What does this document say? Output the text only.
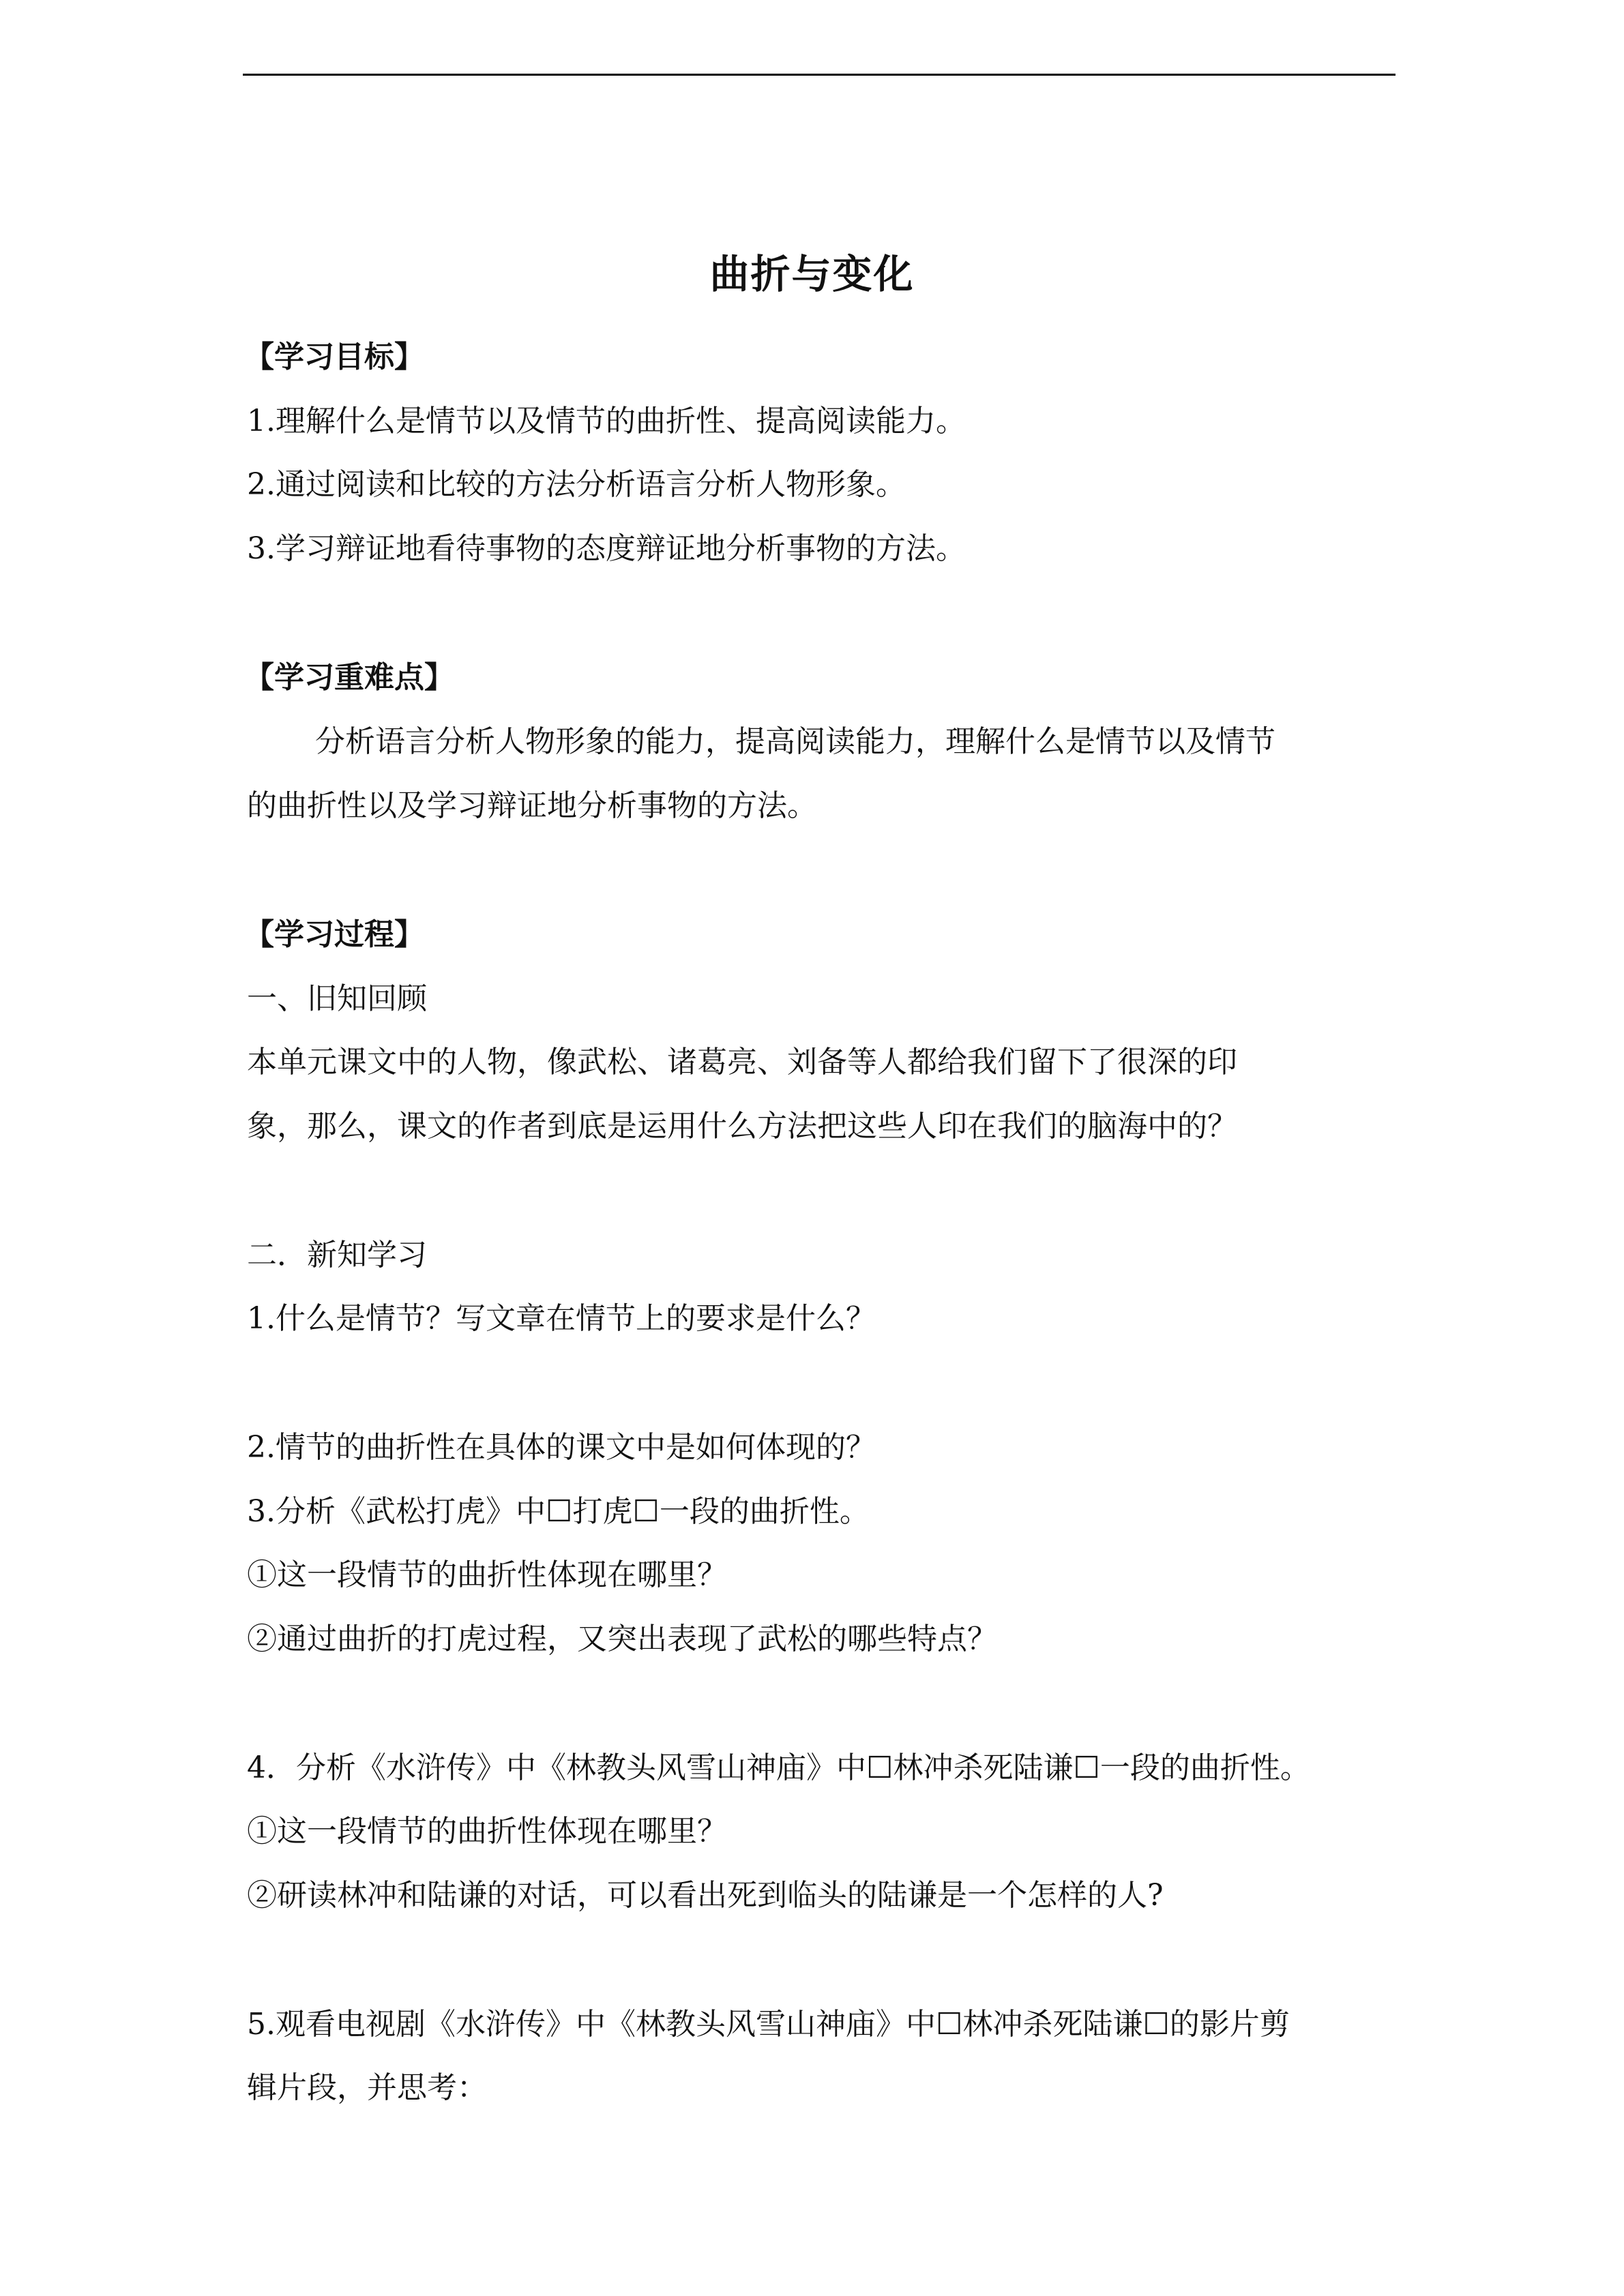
曲折与变化
【学习目标】
1.理解什么是情节以及情节的曲折性、提高阅读能力。
2.通过阅读和比较的方法分析语言分析人物形象。
3.学习辩证地看待事物的态度辩证地分析事物的方法。
【学习重难点】
分析语言分析人物形象的能力，提高阅读能力，理解什么是情节以及情节
的曲折性以及学习辩证地分析事物的方法。
【学习过程】
一、旧知回顾
本单元课文中的人物，像武松、诸葛亮、刘备等人都给我们留下了很深的印
象，那么，课文的作者到底是运用什么方法把这些人印在我们的脑海中的？
二．新知学习
1.什么是情节？写文章在情节上的要求是什么？
2.情节的曲折性在具体的课文中是如何体现的？
3.分析《武松打虎》中☐打虎☐一段的曲折性。
①这一段情节的曲折性体现在哪里？
②通过曲折的打虎过程，又突出表现了武松的哪些特点？
4．分析《水浒传》中《林教头风雪山神庙》中☐林冲杀死陆谦☐一段的曲折性。
①这一段情节的曲折性体现在哪里？
②研读林冲和陆谦的对话，可以看出死到临头的陆谦是一个怎样的人?
5.观看电视剧《水浒传》中《林教头风雪山神庙》中☐林冲杀死陆谦☐的影片剪
辑片段，并思考：
